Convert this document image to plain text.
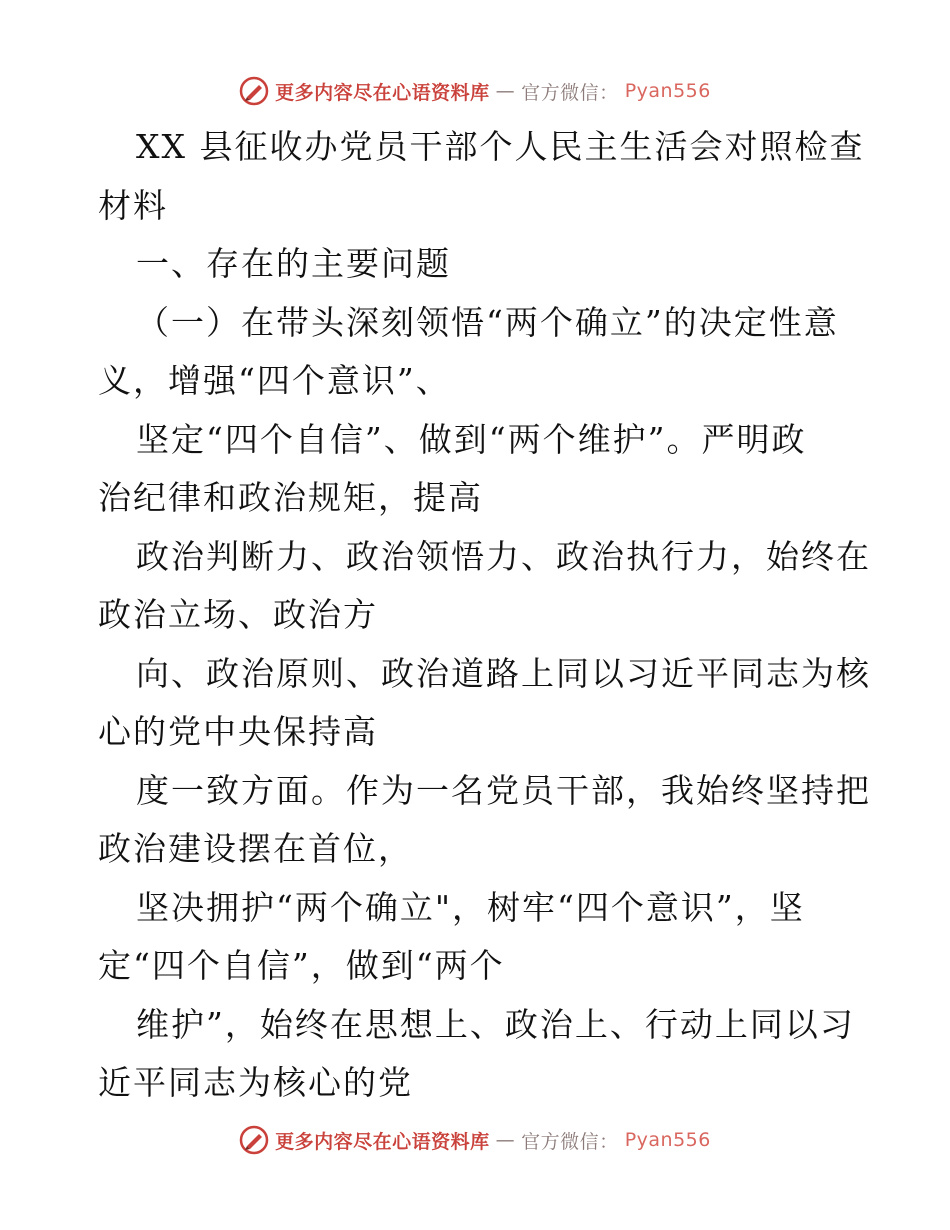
更多内容尽在心语资料库 — 官方微信： Pyan556
XX 县征收办党员干部个人民主生活会对照检查
材料
一、存在的主要问题
（一）在带头深刻领悟“两个确立”的决定性意
义，增强“四个意识”、
坚定“四个自信”、做到“两个维护”。严明政
治纪律和政治规矩，提高
政治判断力、政治领悟力、政治执行力，始终在
政治立场、政治方
向、政治原则、政治道路上同以习近平同志为核
心的党中央保持高
度一致方面。作为一名党员干部，我始终坚持把
政治建设摆在首位，
坚决拥护“两个确立"，树牢“四个意识”，坚
定“四个自信”，做到“两个
维护”，始终在思想上、政治上、行动上同以习
近平同志为核心的党
更多内容尽在心语资料库 — 官方微信： Pyan556
